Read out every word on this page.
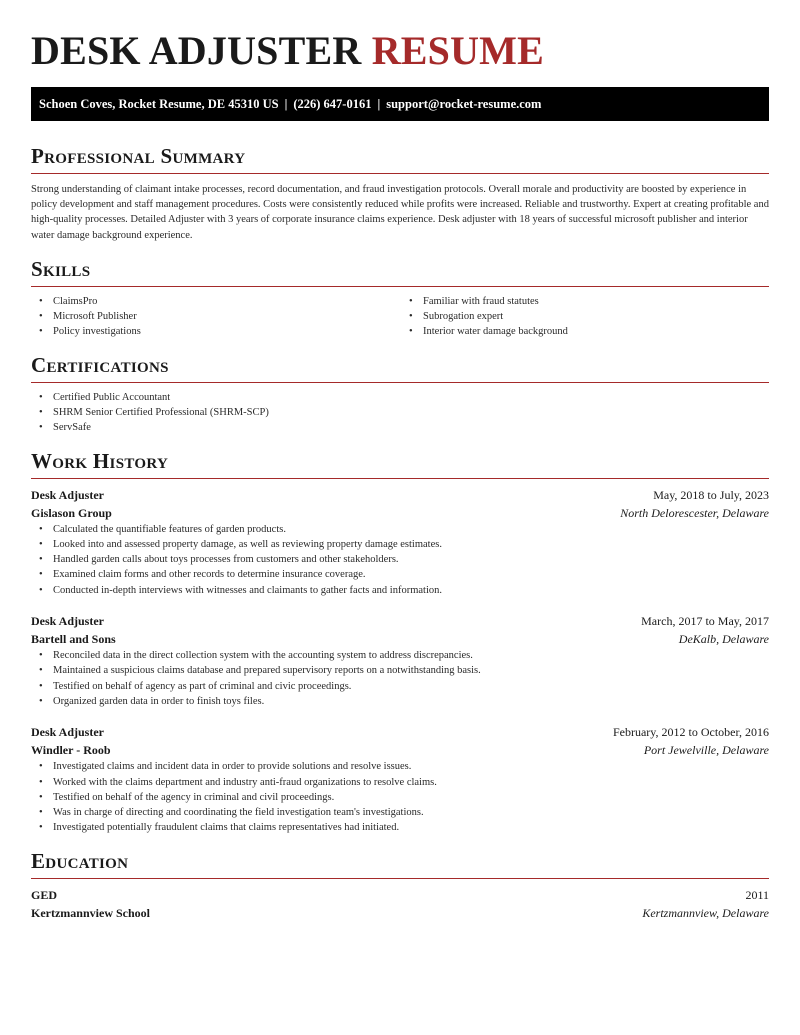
DESK ADJUSTER RESUME
Schoen Coves, Rocket Resume, DE 45310 US | (226) 647-0161 | support@rocket-resume.com
Professional Summary

Strong understanding of claimant intake processes, record documentation, and fraud investigation protocols. Overall morale and productivity are boosted by experience in policy development and staff management procedures. Costs were consistently reduced while profits were increased. Reliable and trustworthy. Expert at creating profitable and high-quality processes. Detailed Adjuster with 3 years of corporate insurance claims experience. Desk adjuster with 18 years of successful microsoft publisher and interior water damage background experience.

Skills
• ClaimsPro
• Microsoft Publisher
• Policy investigations
• Familiar with fraud statutes
• Subrogation expert
• Interior water damage background
Certifications
• Certified Public Accountant
• SHRM Senior Certified Professional (SHRM-SCP)
• ServSafe
Work History
Desk Adjuster	May, 2018 to July, 2023
Gislason Group	North Delorescester, Delaware
• Calculated the quantifiable features of garden products.
• Looked into and assessed property damage, as well as reviewing property damage estimates.
• Handled garden calls about toys processes from customers and other stakeholders.
• Examined claim forms and other records to determine insurance coverage.
• Conducted in-depth interviews with witnesses and claimants to gather facts and information.
Desk Adjuster	March, 2017 to May, 2017
Bartell and Sons	DeKalb, Delaware
• Reconciled data in the direct collection system with the accounting system to address discrepancies.
• Maintained a suspicious claims database and prepared supervisory reports on a notwithstanding basis.
• Testified on behalf of agency as part of criminal and civic proceedings.
• Organized garden data in order to finish toys files.
Desk Adjuster	February, 2012 to October, 2016
Windler - Roob	Port Jewelville, Delaware
• Investigated claims and incident data in order to provide solutions and resolve issues.
• Worked with the claims department and industry anti-fraud organizations to resolve claims.
• Testified on behalf of the agency in criminal and civil proceedings.
• Was in charge of directing and coordinating the field investigation team's investigations.
• Investigated potentially fraudulent claims that claims representatives had initiated.
Education
GED	2011
Kertzmannview School	Kertzmannview, Delaware
